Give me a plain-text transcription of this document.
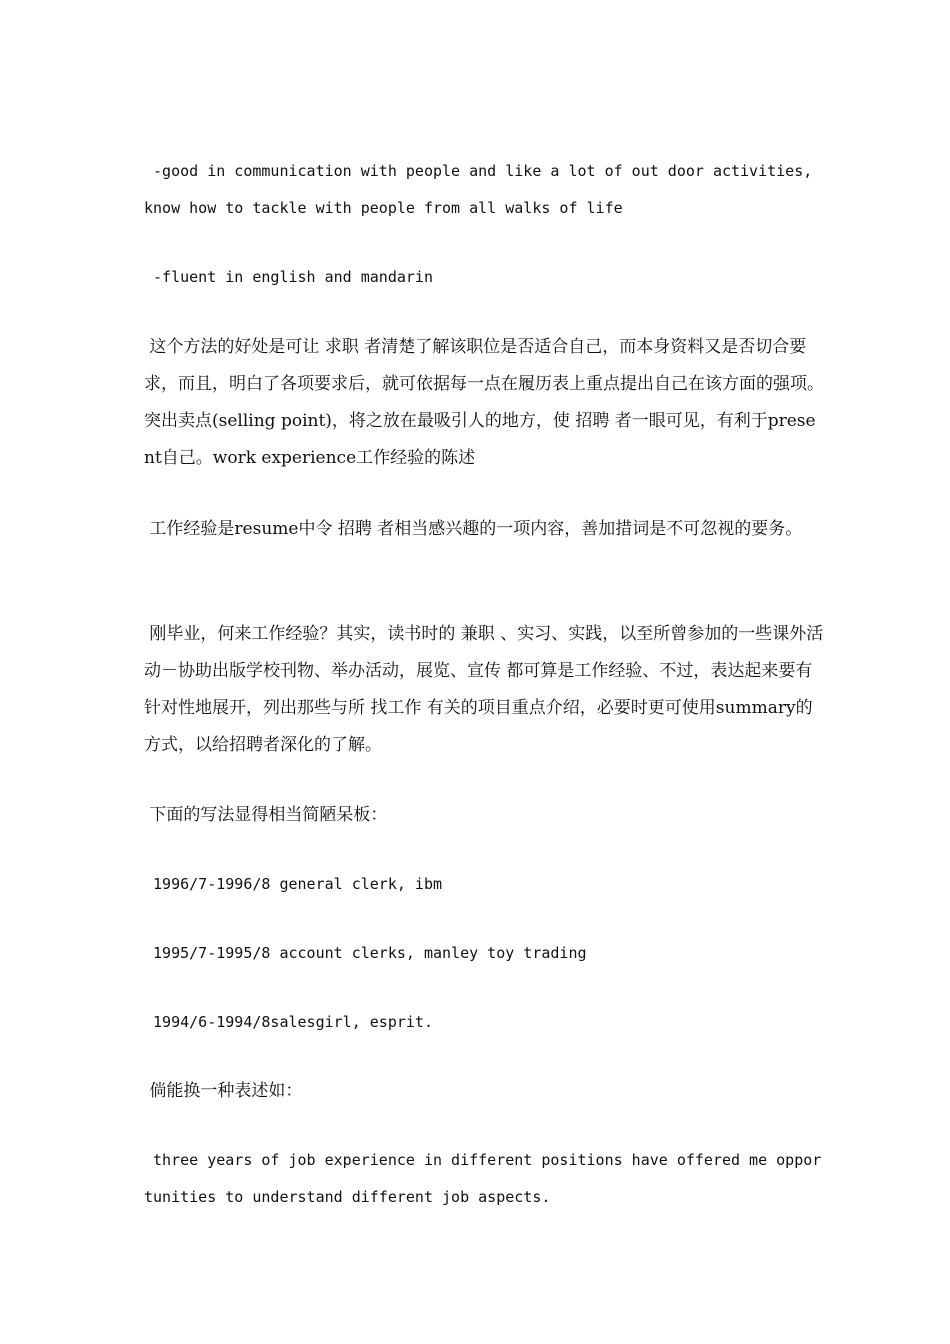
-good in communication with people and like a lot of out door activities, know how to tackle with people from all walks of life

-fluent in english and mandarin

这个方法的好处是可让 求职 者清楚了解该职位是否适合自己，而本身资料又是否切合要求，而且，明白了各项要求后，就可依据每一点在履历表上重点提出自己在该方面的强项。突出卖点(selling point)，将之放在最吸引人的地方，使 招聘 者一眼可见，有利于present自己。work experience工作经验的陈述

工作经验是resume中令 招聘 者相当感兴趣的一项内容，善加措词是不可忽视的要务。

刚毕业，何来工作经验？其实，读书时的 兼职 、实习、实践，以至所曾参加的一些课外活动－协助出版学校刊物、举办活动，展览、宣传 都可算是工作经验、不过，表达起来要有针对性地展开，列出那些与所 找工作 有关的项目重点介绍，必要时更可使用summary的方式，以给招聘者深化的了解。

下面的写法显得相当简陋呆板：

1996/7-1996/8 general clerk, ibm

1995/7-1995/8 account clerks, manley toy trading

1994/6-1994/8salesgirl, esprit.

倘能换一种表述如：

three years of job experience in different positions have offered me opportunities to understand different job aspects.
